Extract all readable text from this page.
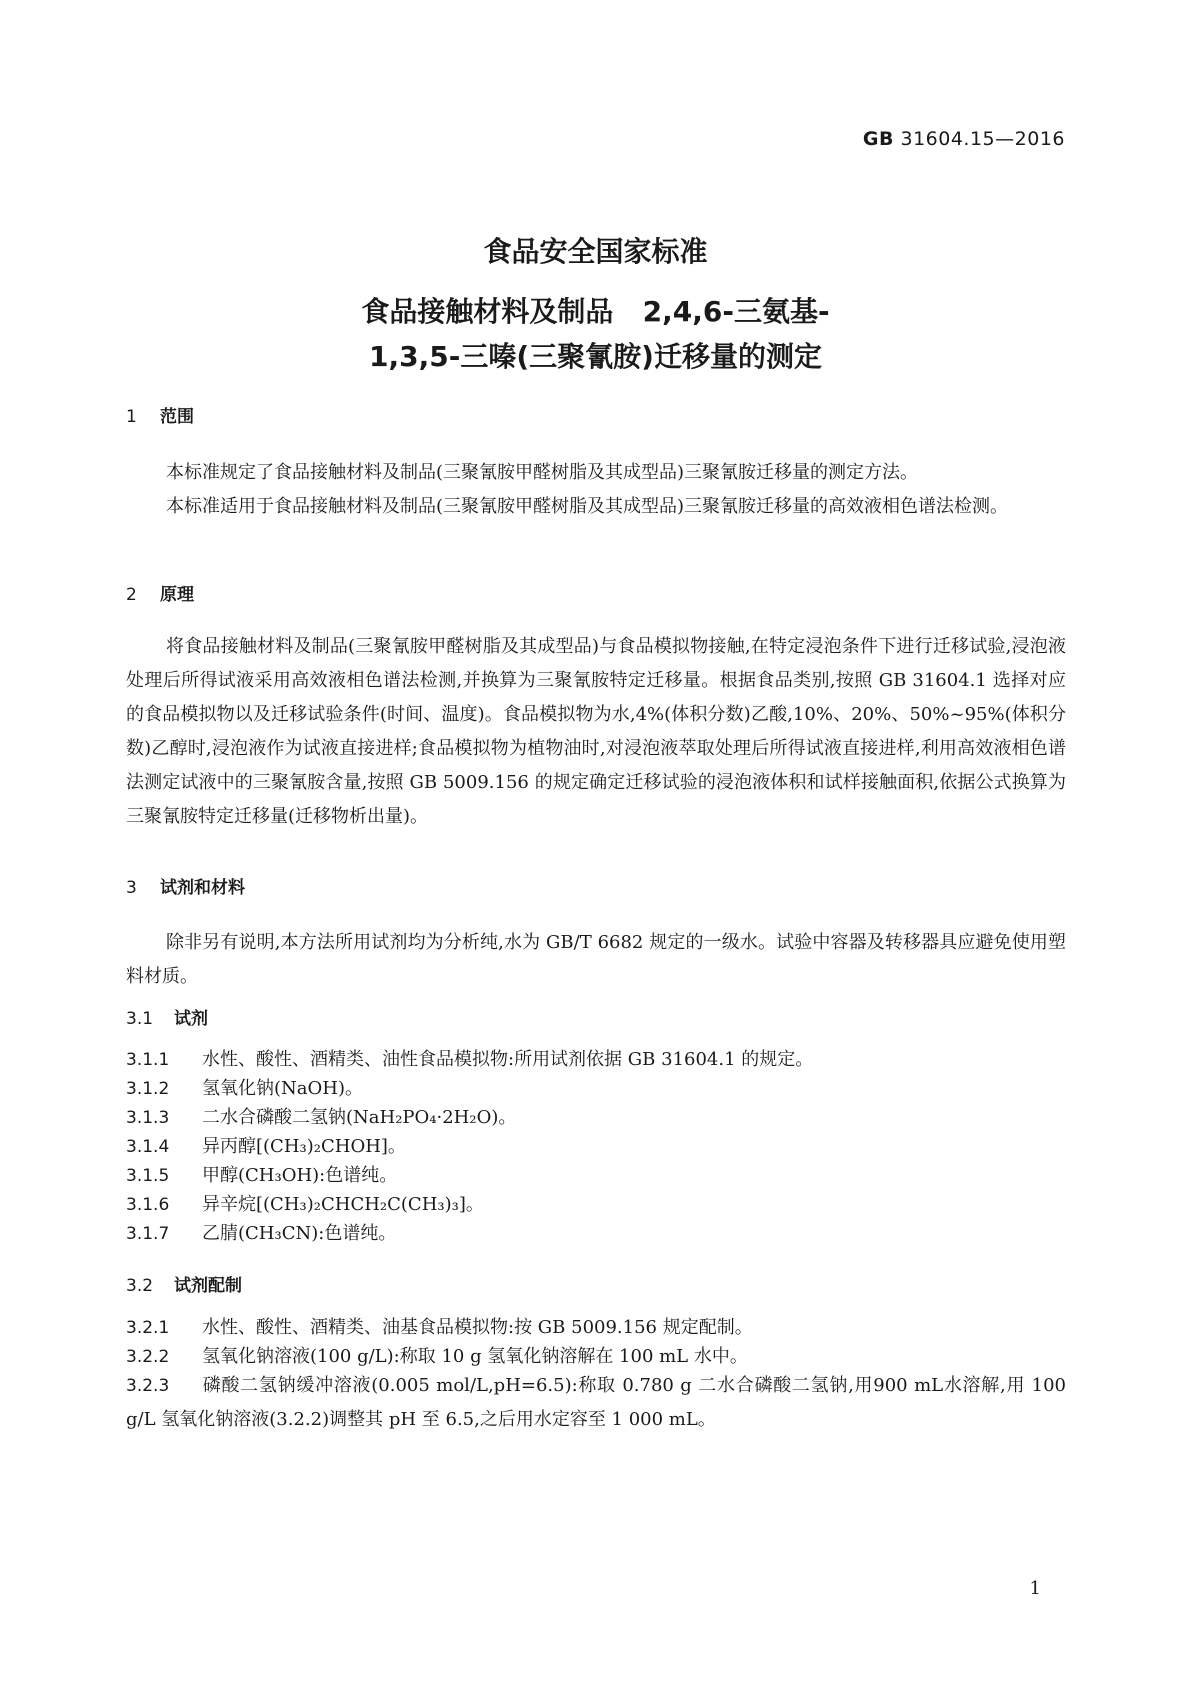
GB 31604.15—2016
食品安全国家标准
食品接触材料及制品   2,4,6-三氨基-
1,3,5-三嗪(三聚氰胺)迁移量的测定
1 范围
本标准规定了食品接触材料及制品(三聚氰胺甲醛树脂及其成型品)三聚氰胺迁移量的测定方法。
本标准适用于食品接触材料及制品(三聚氰胺甲醛树脂及其成型品)三聚氰胺迁移量的高效液相色谱法检测。
2 原理
将食品接触材料及制品(三聚氰胺甲醛树脂及其成型品)与食品模拟物接触,在特定浸泡条件下进行迁移试验,浸泡液处理后所得试液采用高效液相色谱法检测,并换算为三聚氰胺特定迁移量。根据食品类别,按照 GB 31604.1 选择对应的食品模拟物以及迁移试验条件(时间、温度)。食品模拟物为水,4%(体积分数)乙酸,10%、20%、50%~95%(体积分数)乙醇时,浸泡液作为试液直接进样;食品模拟物为植物油时,对浸泡液萃取处理后所得试液直接进样,利用高效液相色谱法测定试液中的三聚氰胺含量,按照 GB 5009.156 的规定确定迁移试验的浸泡液体积和试样接触面积,依据公式换算为三聚氰胺特定迁移量(迁移物析出量)。
3 试剂和材料
除非另有说明,本方法所用试剂均为分析纯,水为 GB/T 6682 规定的一级水。试验中容器及转移器具应避免使用塑料材质。
3.1 试剂
3.1.1 水性、酸性、酒精类、油性食品模拟物:所用试剂依据 GB 31604.1 的规定。
3.1.2 氢氧化钠(NaOH)。
3.1.3 二水合磷酸二氢钠(NaH₂PO₄·2H₂O)。
3.1.4 异丙醇[(CH₃)₂CHOH]。
3.1.5 甲醇(CH₃OH):色谱纯。
3.1.6 异辛烷[(CH₃)₂CHCH₂C(CH₃)₃]。
3.1.7 乙腈(CH₃CN):色谱纯。
3.2 试剂配制
3.2.1 水性、酸性、酒精类、油基食品模拟物:按 GB 5009.156 规定配制。
3.2.2 氢氧化钠溶液(100 g/L):称取 10 g 氢氧化钠溶解在 100 mL 水中。
3.2.3 磷酸二氢钠缓冲溶液(0.005 mol/L,pH=6.5):称取 0.780 g 二水合磷酸二氢钠,用900 mL水溶解,用 100 g/L 氢氧化钠溶液(3.2.2)调整其 pH 至 6.5,之后用水定容至 1 000 mL。
1
